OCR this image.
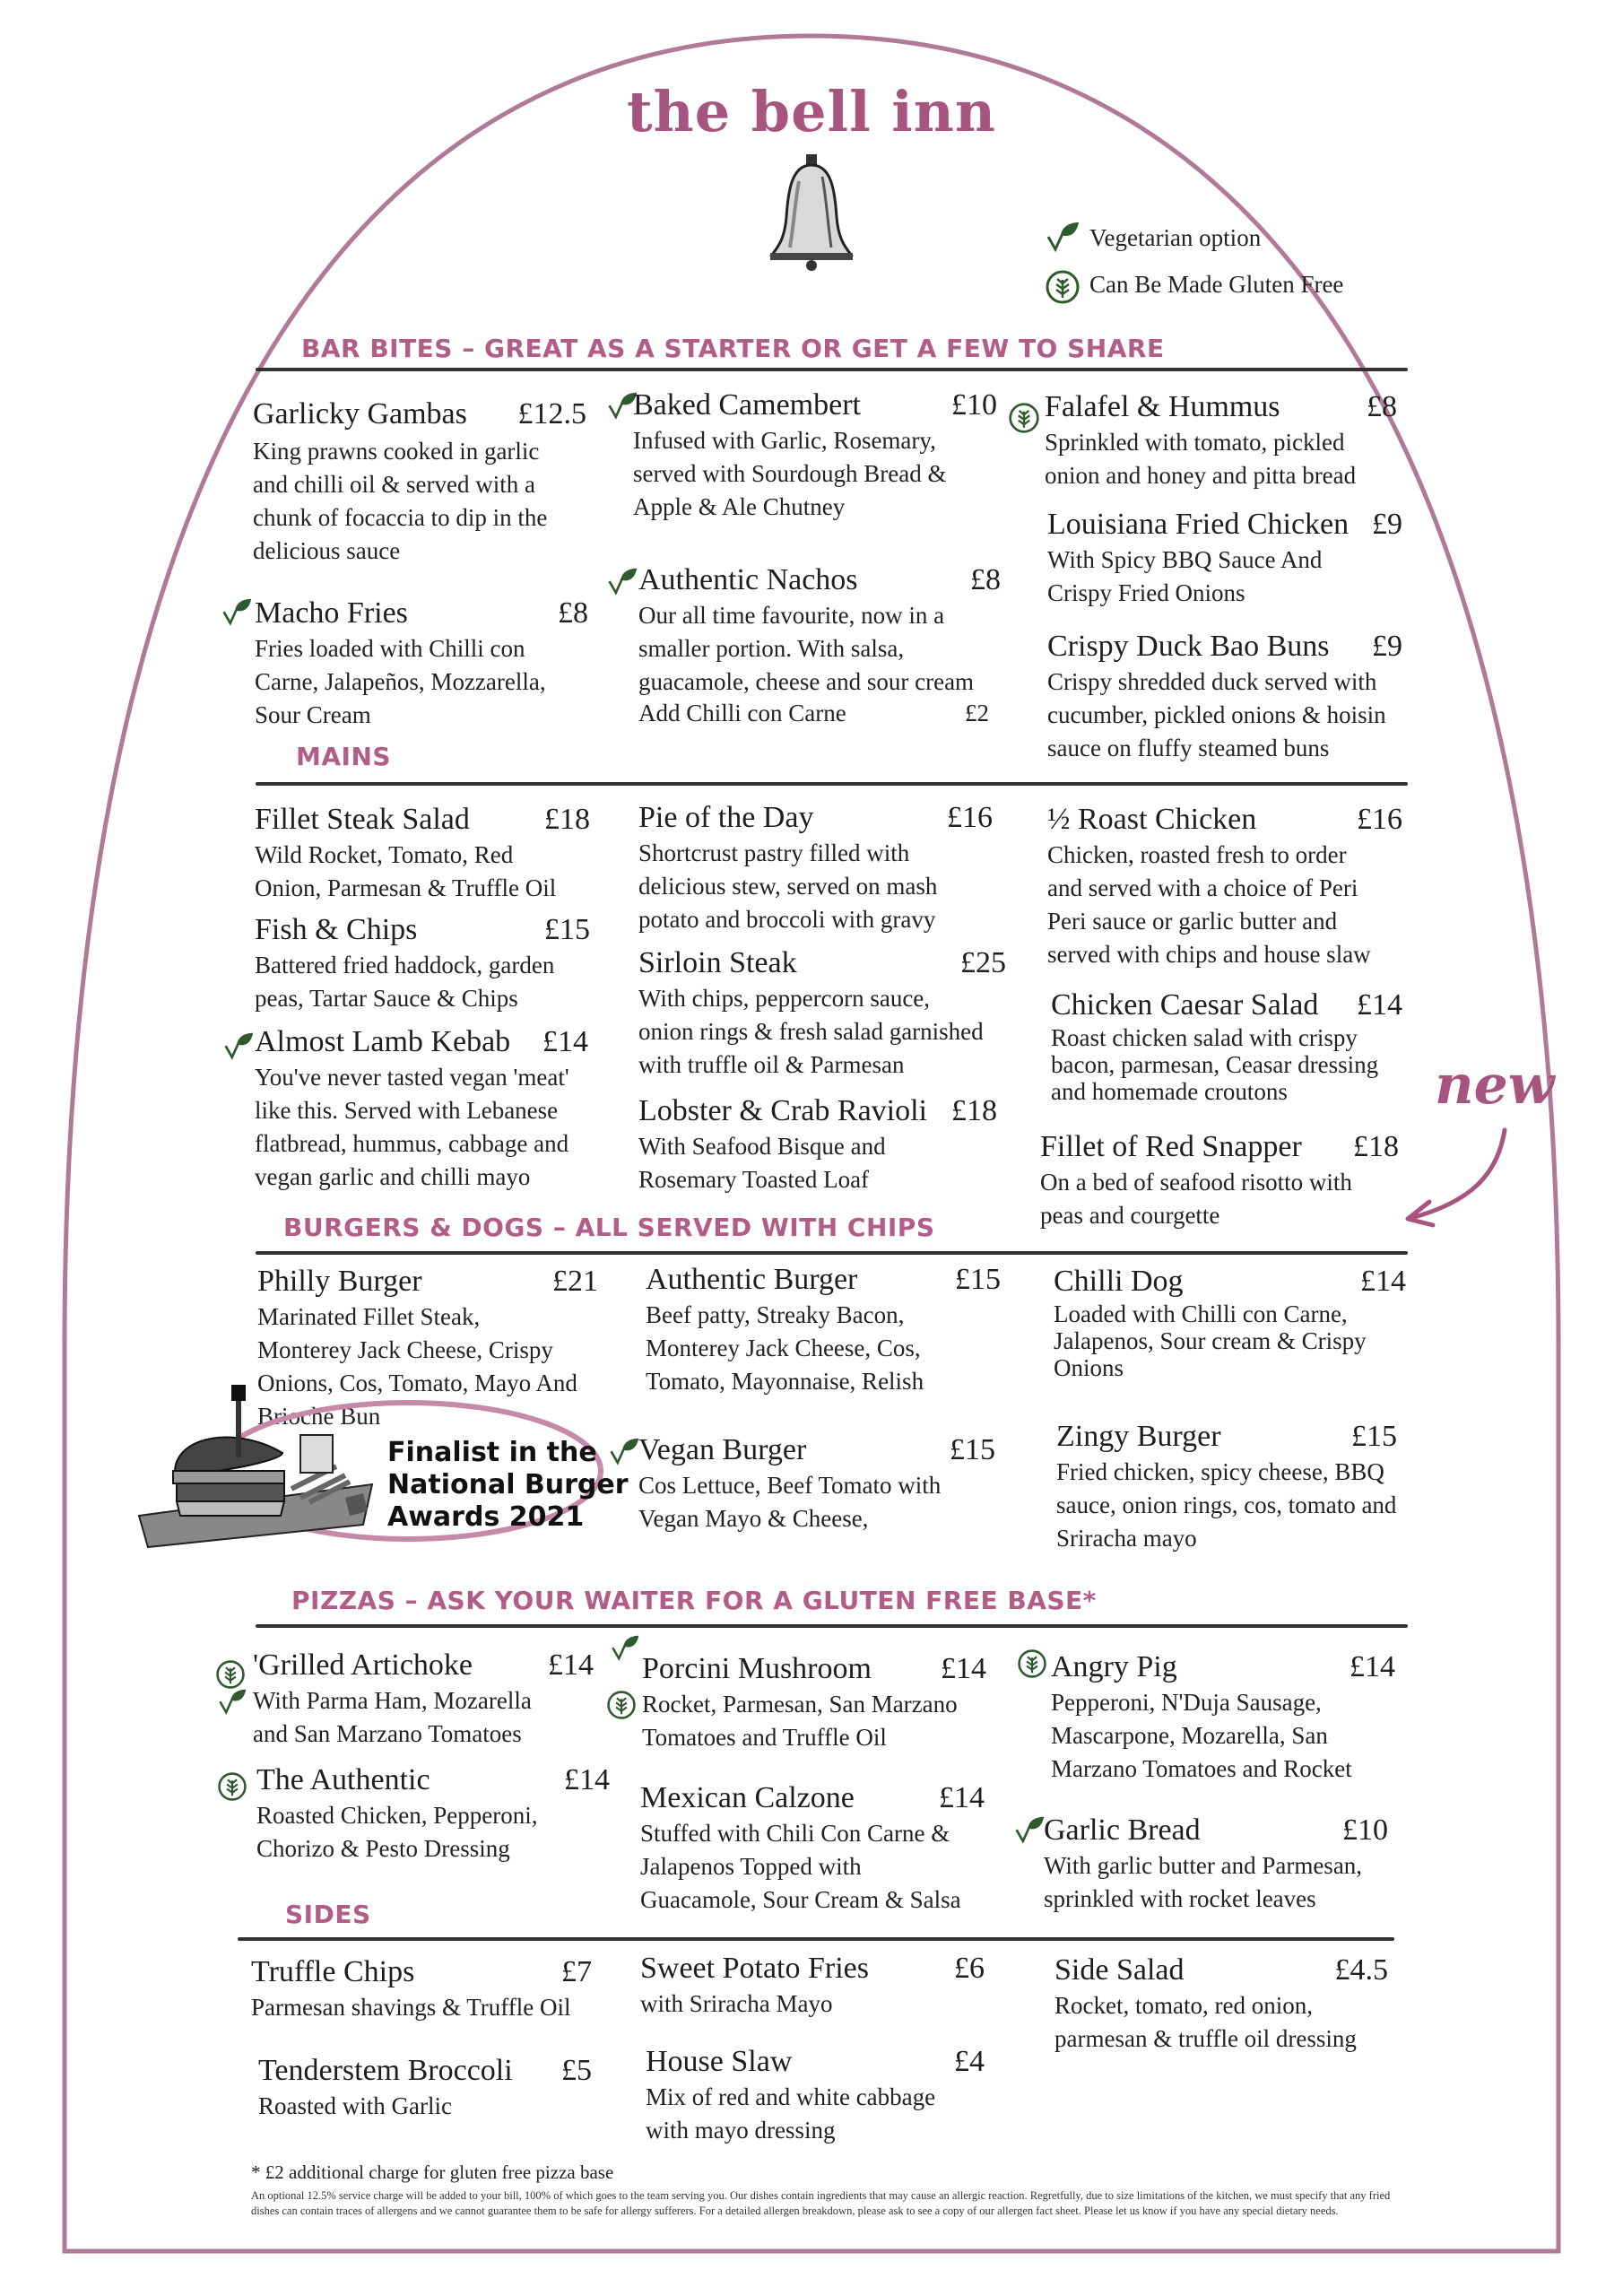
the bell inn
Vegetarian option
Can Be Made Gluten Free
BAR BITES – GREAT AS A STARTER OR GET A FEW TO SHARE
Garlicky Gambas £12.5
King prawns cooked in garlic
and chilli oil & served with a
chunk of focaccia to dip in the
delicious sauce
Baked Camembert	£10
Infused with Garlic, Rosemary,
served with Sourdough Bread &
Apple & Ale Chutney
Falafel & Hummus	£8
Sprinkled with tomato, pickled
onion and honey and pitta bread
Macho Fries	£8
Fries loaded with Chilli con
Carne, Jalapeños, Mozzarella,
Sour Cream
Authentic Nachos	£8
Our all time favourite, now in a
smaller portion. With salsa,
guacamole, cheese and sour cream
Add Chilli con Carne	£2
Louisiana Fried Chicken £9
With Spicy BBQ Sauce And
Crispy Fried Onions
Crispy Duck Bao Buns £9
Crispy shredded duck served with
cucumber, pickled onions & hoisin
sauce on fluffy steamed buns
MAINS
Fillet Steak Salad £18
Wild Rocket, Tomato, Red
Onion, Parmesan & Truffle Oil
Pie of the Day	£16
Shortcrust pastry filled with
delicious stew, served on mash
potato and broccoli with gravy
½ Roast Chicken	£16
Chicken, roasted fresh to order
and served with a choice of Peri
Peri sauce or garlic butter and
served with chips and house slaw
Fish & Chips	£15
Battered fried haddock, garden
peas, Tartar Sauce & Chips
Sirloin Steak	£25
With chips, peppercorn sauce,
onion rings & fresh salad garnished
with truffle oil & Parmesan
Chicken Caesar Salad £14
Roast chicken salad with crispy
bacon, parmesan, Ceasar dressing
and homemade croutons
Almost Lamb Kebab £14
You've never tasted vegan 'meat'
like this. Served with Lebanese
flatbread, hummus, cabbage and
vegan garlic and chilli mayo
Lobster & Crab Ravioli £18
With Seafood Bisque and
Rosemary Toasted Loaf
Fillet of Red Snapper £18
On a bed of seafood risotto with
peas and courgette
new
BURGERS & DOGS – ALL SERVED WITH CHIPS
Philly Burger	£21
Marinated Fillet Steak,
Monterey Jack Cheese, Crispy
Onions, Cos, Tomato, Mayo And
Brioche Bun
Authentic Burger	£15
Beef patty, Streaky Bacon,
Monterey Jack Cheese, Cos,
Tomato, Mayonnaise, Relish
Chilli Dog	£14
Loaded with Chilli con Carne,
Jalapenos, Sour cream & Crispy
Onions
Finalist in the
National Burger
Awards 2021
Vegan Burger	£15
Cos Lettuce, Beef Tomato with
Vegan Mayo & Cheese,
Zingy Burger	£15
Fried chicken, spicy cheese, BBQ
sauce, onion rings, cos, tomato and
Sriracha mayo
PIZZAS – ASK YOUR WAITER FOR A GLUTEN FREE BASE*
'Grilled Artichoke £14
With Parma Ham, Mozarella
and San Marzano Tomatoes
Porcini Mushroom £14
Rocket, Parmesan, San Marzano
Tomatoes and Truffle Oil
Angry Pig	£14
Pepperoni, N'Duja Sausage,
Mascarpone, Mozarella, San
Marzano Tomatoes and Rocket
The Authentic	£14
Roasted Chicken, Pepperoni,
Chorizo & Pesto Dressing
Mexican Calzone	£14
Stuffed with Chili Con Carne &
Jalapenos Topped with
Guacamole, Sour Cream & Salsa
Garlic Bread	£10
With garlic butter and Parmesan,
sprinkled with rocket leaves
SIDES
Truffle Chips	£7
Parmesan shavings & Truffle Oil
Sweet Potato Fries	£6
with Sriracha Mayo
Side Salad	£4.5
Rocket, tomato, red onion,
parmesan & truffle oil dressing
Tenderstem Broccoli £5
Roasted with Garlic
House Slaw	£4
Mix of red and white cabbage
with mayo dressing
* £2 additional charge for gluten free pizza base
An optional 12.5% service charge will be added to your bill, 100% of which goes to the team serving you. Our dishes contain ingredients that may cause an allergic reaction. Regretfully, due to size limitations of the kitchen, we must specify that any fried dishes can contain traces of allergens and we cannot guarantee them to be safe for allergy sufferers. For a detailed allergen breakdown, please ask to see a copy of our allergen fact sheet. Please let us know if you have any special dietary needs.
